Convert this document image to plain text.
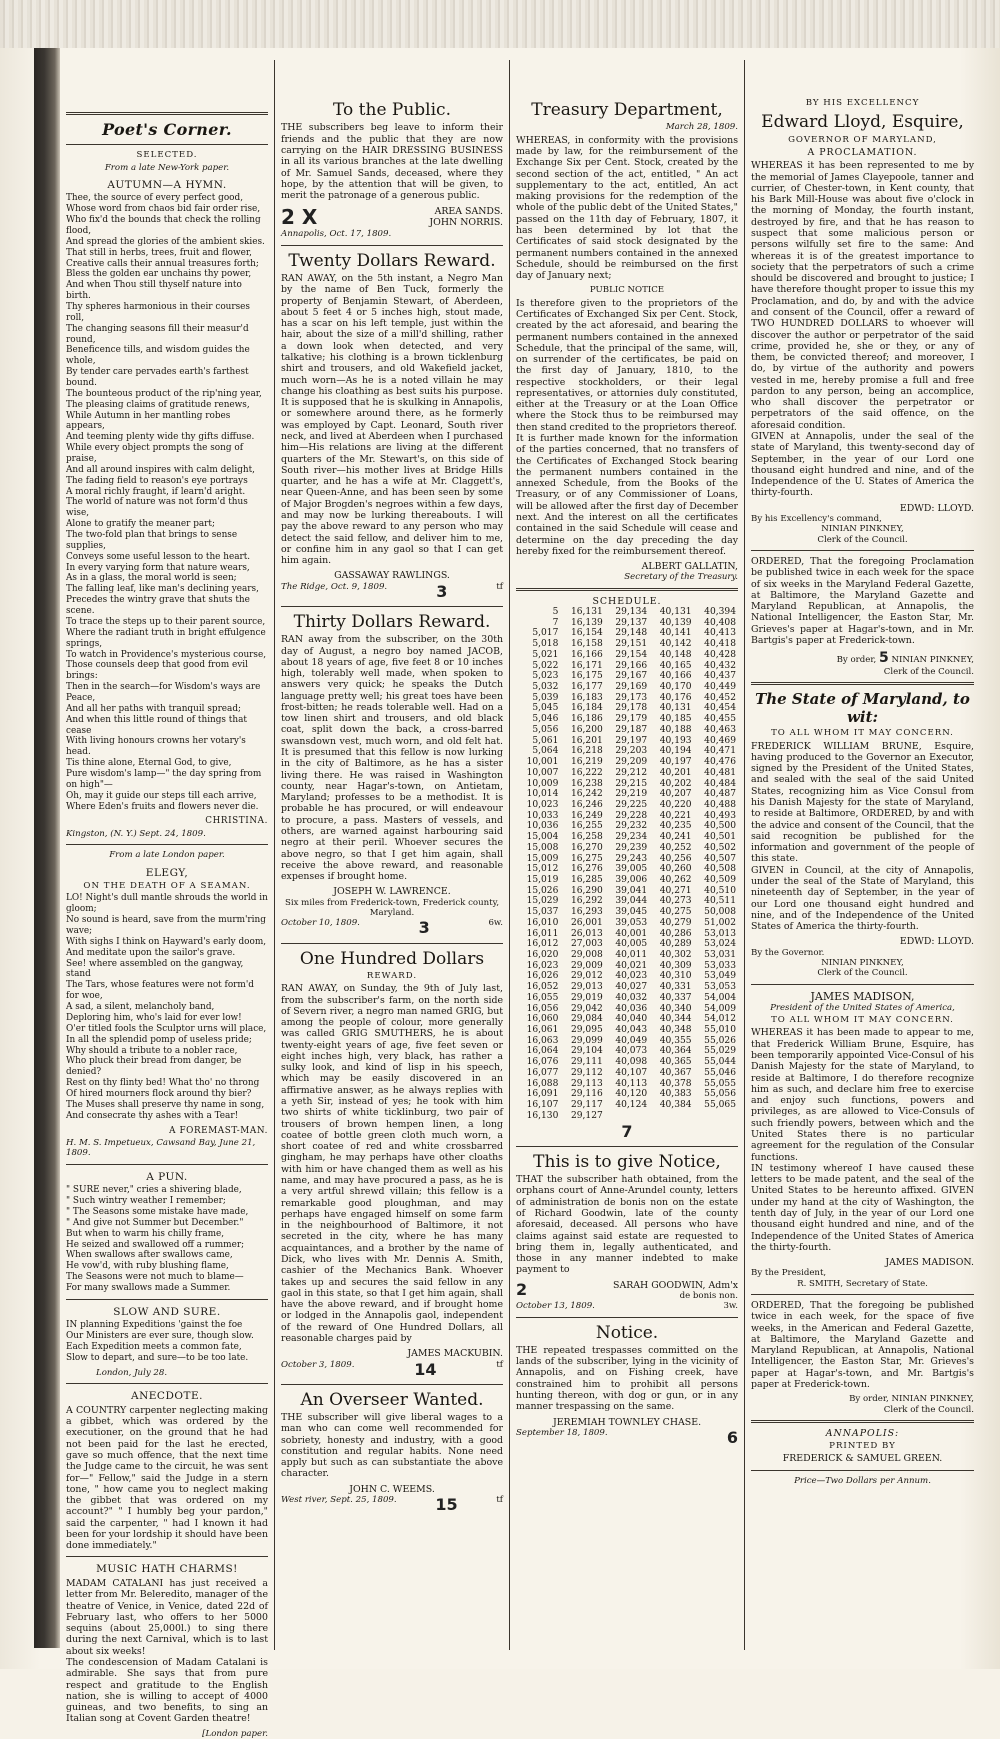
Poet's Corner.
SELECTED.
From a late New-York paper.
AUTUMN—A HYMN.
Thee, the source of every perfect good,
Whose word from chaos bid fair order rise,
Who fix'd the bounds that check the rolling flood,
And spread the glories of the ambient skies.
That still in herbs, trees, fruit and flower,
Creative calls their annual treasures forth;
Bless the golden ear unchains thy power,
And when Thou still thyself nature into birth.
Thy spheres harmonious in their courses roll,
The changing seasons fill their measur'd round,
Beneficence tills, and wisdom guides the whole,
By tender care pervades earth's farthest bound.
The bounteous product of the rip'ning year,
The pleasing claims of gratitude renews,
While Autumn in her mantling robes appears,
And teeming plenty wide thy gifts diffuse.
While every object prompts the song of praise,
And all around inspires with calm delight,
The fading field to reason's eye portrays
A moral richly fraught, if learn'd aright.
The world of nature was not form'd thus wise,
Alone to gratify the meaner part;
The two-fold plan that brings to sense supplies,
Conveys some useful lesson to the heart.
In every varying form that nature wears,
As in a glass, the moral world is seen;
The falling leaf, like man's declining years,
Precedes the wintry grave that shuts the scene.
To trace the steps up to their parent source,
Where the radiant truth in bright effulgence springs,
To watch in Providence's mysterious course,
Those counsels deep that good from evil brings:
Then in the search—for Wisdom's ways are Peace,
And all her paths with tranquil spread;
And when this little round of things that cease
With living honours crowns her votary's head.
Tis thine alone, Eternal God, to give,
Pure wisdom's lamp—" the day spring from on high"—
Oh, may it guide our steps till each arrive,
Where Eden's fruits and flowers never die.
CHRISTINA.
Kingston, (N. Y.) Sept. 24, 1809.
From a late London paper.
ELEGY,
ON THE DEATH OF A SEAMAN.
LO! Night's dull mantle shrouds the world in gloom;
No sound is heard, save from the murm'ring wave;
With sighs I think on Hayward's early doom,
And meditate upon the sailor's grave.
See! where assembled on the gangway, stand
The Tars, whose features were not form'd for woe,
A sad, a silent, melancholy band,
Deploring him, who's laid for ever low!
O'er titled fools the Sculptor urns will place,
In all the splendid pomp of useless pride;
Why should a tribute to a nobler race,
Who pluck their bread from danger, be denied?
Rest on thy flinty bed! What tho' no throng
Of hired mourners flock around thy bier?
The Muses shall preserve thy name in song,
And consecrate thy ashes with a Tear!
A FOREMAST-MAN.
H. M. S. Impetueux, Cawsand Bay, June 21, 1809.
A PUN.
" SURE never," cries a shivering blade,
" Such wintry weather I remember;
" The Seasons some mistake have made,
" And give not Summer but December."
But when to warm his chilly frame,
He seized and swallowed off a rummer;
When swallows after swallows came,
He vow'd, with ruby blushing flame,
The Seasons were not much to blame—
For many swallows made a Summer.
SLOW AND SURE.
IN planning Expeditions 'gainst the foe
Our Ministers are ever sure, though slow.
Each Expedition meets a common fate,
Slow to depart, and sure—to be too late.
London, July 28.
ANECDOTE.
A COUNTRY carpenter neglecting making a gibbet, which was ordered by the executioner, on the ground that he had not been paid for the last he erected, gave so much offence, that the next time the Judge came to the circuit, he was sent for—" Fellow," said the Judge in a stern tone, " how came you to neglect making the gibbet that was ordered on my account?" " I humbly beg your pardon," said the carpenter, " had I known it had been for your lordship it should have been done immediately."
MUSIC HATH CHARMS!
MADAM CATALANI has just received a letter from Mr. Beleredito, manager of the theatre of Venice, in Venice, dated 22d of February last, who offers to her 5000 sequins (about 25,000l.) to sing there during the next Carnival, which is to last about six weeks!
The condescension of Madam Catalani is admirable. She says that from pure respect and gratitude to the English nation, she is willing to accept of 4000 guineas, and two benefits, to sing an Italian song at Covent Garden theatre!
[London paper.
To the Public.
THE subscribers beg leave to inform their friends and the public that they are now carrying on the HAIR DRESSING BUSINESS in all its various branches at the late dwelling of Mr. Samuel Sands, deceased, where they hope, by the attention that will be given, to merit the patronage of a generous public.
2 X	AREA SANDS.
JOHN NORRIS.
Annapolis, Oct. 17, 1809.
Twenty Dollars Reward.
RAN AWAY, on the 5th instant, a Negro Man by the name of Ben Tuck, formerly the property of Benjamin Stewart, of Aberdeen, about 5 feet 4 or 5 inches high, stout made, has a scar on his left temple, just within the hair, about the size of a mill'd shilling, rather a down look when detected, and very talkative; his clothing is a brown ticklenburg shirt and trousers, and old Wakefield jacket, much worn—As he is a noted villain he may change his cloathing as best suits his purpose. It is supposed that he is skulking in Annapolis, or somewhere around there, as he formerly was employed by Capt. Leonard, South river neck, and lived at Aberdeen when I purchased him—His relations are living at the different quarters of the Mr. Stewart's, on this side of South river—his mother lives at Bridge Hills quarter, and he has a wife at Mr. Claggett's, near Queen-Anne, and has been seen by some of Major Brogden's negroes within a few days, and may now be lurking thereabouts. I will pay the above reward to any person who may detect the said fellow, and deliver him to me, or confine him in any gaol so that I can get him again.
GASSAWAY RAWLINGS.
The Ridge, Oct. 9, 1809.	3	tf
Thirty Dollars Reward.
RAN away from the subscriber, on the 30th day of August, a negro boy named JACOB, about 18 years of age, five feet 8 or 10 inches high, tolerably well made, when spoken to answers very quick; he speaks the Dutch language pretty well; his great toes have been frost-bitten; he reads tolerable well. Had on a tow linen shirt and trousers, and old black coat, split down the back, a cross-barred swansdown vest, much worn, and old felt hat. It is presumed that this fellow is now lurking in the city of Baltimore, as he has a sister living there. He was raised in Washington county, near Hagar's-town, on Antietam, Maryland; professes to be a methodist. It is probable he has procured, or will endeavour to procure, a pass. Masters of vessels, and others, are warned against harbouring said negro at their peril. Whoever secures the above negro, so that I get him again, shall receive the above reward, and reasonable expenses if brought home.
JOSEPH W. LAWRENCE.
Six miles from Frederick-town, Frederick county, Maryland.
October 10, 1809.	3	6w.
One Hundred Dollars
REWARD.
RAN AWAY, on Sunday, the 9th of July last, from the subscriber's farm, on the north side of Severn river, a negro man named GRIG, but among the people of colour, more generally was called GRIG SMUTHERS, he is about twenty-eight years of age, five feet seven or eight inches high, very black, has rather a sulky look, and kind of lisp in his speech, which may be easily discovered in an affirmative answer, as he always replies with a yeth Sir, instead of yes; he took with him two shirts of white ticklinburg, two pair of trousers of brown hempen linen, a long coatee of bottle green cloth much worn, a short coatee of red and white crossbarred gingham, he may perhaps have other cloaths with him or have changed them as well as his name, and may have procured a pass, as he is a very artful shrewd villain; this fellow is a remarkable good ploughman, and may perhaps have engaged himself on some farm in the neighbourhood of Baltimore, it not secreted in the city, where he has many acquaintances, and a brother by the name of Dick, who lives with Mr. Dennis A. Smith, cashier of the Mechanics Bank. Whoever takes up and secures the said fellow in any gaol in this state, so that I get him again, shall have the above reward, and if brought home or lodged in the Annapolis gaol, independent of the reward of One Hundred Dollars, all reasonable charges paid by
JAMES MACKUBIN.
October 3, 1809.	14	tf
An Overseer Wanted.
THE subscriber will give liberal wages to a man who can come well recommended for sobriety, honesty and industry, with a good constitution and regular habits. None need apply but such as can substantiate the above character.
JOHN C. WEEMS.
West river, Sept. 25, 1809. 15	tf
Treasury Department,
March 28, 1809.
WHEREAS, in conformity with the provisions made by law, for the reimbursement of the Exchange Six per Cent. Stock, created by the second section of the act, entitled, " An act supplementary to the act, entitled, An act making provisions for the redemption of the whole of the public debt of the United States," passed on the 11th day of February, 1807, it has been determined by lot that the Certificates of said stock designated by the permanent numbers contained in the annexed Schedule, should be reimbursed on the first day of January next;
PUBLIC NOTICE
Is therefore given to the proprietors of the Certificates of Exchanged Six per Cent. Stock, created by the act aforesaid, and bearing the permanent numbers contained in the annexed Schedule, that the principal of the same, will, on surrender of the certificates, be paid on the first day of January, 1810, to the respective stockholders, or their legal representatives, or attornies duly constituted, either at the Treasury or at the Loan Office where the Stock thus to be reimbursed may then stand credited to the proprietors thereof.
It is further made known for the information of the parties concerned, that no transfers of the Certificates of Exchanged Stock bearing the permanent numbers contained in the annexed Schedule, from the Books of the Treasury, or of any Commissioner of Loans, will be allowed after the first day of December next. And the interest on all the certificates contained in the said Schedule will cease and determine on the day preceding the day hereby fixed for the reimbursement thereof.
ALBERT GALLATIN,
Secretary of the Treasury.
SCHEDULE.
5	16,131	29,134	40,131	40,394
7	16,139	29,137	40,139	40,408
5,017	16,154	29,148	40,141	40,413
5,018	16,158	29,151	40,142	40,418
5,021	16,166	29,154	40,148	40,428
5,022	16,171	29,166	40,165	40,432
5,023	16,175	29,167	40,166	40,437
5,032	16,177	29,169	40,170	40,449
5,039	16,183	29,173	40,176	40,452
5,045	16,184	29,178	40,131	40,454
5,046	16,186	29,179	40,185	40,455
5,056	16,200	29,187	40,188	40,463
5,061	16,201	29,197	40,193	40,469
5,064	16,218	29,203	40,194	40,471
10,001	16,219	29,209	40,197	40,476
10,007	16,222	29,212	40,201	40,481
10,009	16,238	29,215	40,202	40,484
10,014	16,242	29,219	40,207	40,487
10,023	16,246	29,225	40,220	40,488
10,033	16,249	29,228	40,221	40,493
10,036	16,255	29,232	40,235	40,500
15,004	16,258	29,234	40,241	40,501
15,008	16,270	29,239	40,252	40,502
15,009	16,275	29,243	40,256	40,507
15,012	16,276	39,005	40,260	40,508
15,019	16,285	39,006	40,262	40,509
15,026	16,290	39,041	40,271	40,510
15,029	16,292	39,044	40,273	40,511
15,037	16,293	39,045	40,275	50,008
16,010	26,001	39,053	40,279	51,002
16,011	26,013	40,001	40,286	53,013
16,012	27,003	40,005	40,289	53,024
16,020	29,008	40,011	40,302	53,031
16,023	29,009	40,021	40,309	53,033
16,026	29,012	40,023	40,310	53,049
16,052	29,013	40,027	40,331	53,053
16,055	29,019	40,032	40,337	54,004
16,056	29,042	40,036	40,340	54,009
16,060	29,084	40,040	40,344	54,012
16,061	29,095	40,043	40,348	55,010
16,063	29,099	40,049	40,355	55,026
16,064	29,104	40,073	40,364	55,029
16,076	29,111	40,098	40,365	55,044
16,077	29,112	40,107	40,367	55,046
16,088	29,113	40,113	40,378	55,055
16,091	29,116	40,120	40,383	55,056
16,107	29,117	40,124	40,384	55,065
16,130	29,127			
7
This is to give Notice,
THAT the subscriber hath obtained, from the orphans court of Anne-Arundel county, letters of administration de bonis non on the estate of Richard Goodwin, late of the county aforesaid, deceased. All persons who have claims against said estate are requested to bring them in, legally authenticated, and those in any manner indebted to make payment to
2	SARAH GOODWIN, Adm'x
de bonis non.
October 13, 1809.	3w.
Notice.
THE repeated trespasses committed on the lands of the subscriber, lying in the vicinity of Annapolis, and on Fishing creek, have constrained him to prohibit all persons hunting thereon, with dog or gun, or in any manner trespassing on the same.
JEREMIAH TOWNLEY CHASE.
September 18, 1809.	6
BY HIS EXCELLENCY
Edward Lloyd, Esquire,
GOVERNOR OF MARYLAND,
A PROCLAMATION.
WHEREAS it has been represented to me by the memorial of James Clayepoole, tanner and currier, of Chester-town, in Kent county, that his Bark Mill-House was about five o'clock in the morning of Monday, the fourth instant, destroyed by fire, and that he has reason to suspect that some malicious person or persons wilfully set fire to the same: And whereas it is of the greatest importance to society that the perpetrators of such a crime should be discovered and brought to justice; I have therefore thought proper to issue this my Proclamation, and do, by and with the advice and consent of the Council, offer a reward of TWO HUNDRED DOLLARS to whoever will discover the author or perpetrator of the said crime, provided he, she or they, or any of them, be convicted thereof; and moreover, I do, by virtue of the authority and powers vested in me, hereby promise a full and free pardon to any person, being an accomplice, who shall discover the perpetrator or perpetrators of the said offence, on the aforesaid condition.
GIVEN at Annapolis, under the seal of the state of Maryland, this twenty-second day of September, in the year of our Lord one thousand eight hundred and nine, and of the Independence of the U. States of America the thirty-fourth.
EDWD: LLOYD.
By his Excellency's command,
NINIAN PINKNEY,
Clerk of the Council.
ORDERED, That the foregoing Proclamation be published twice in each week for the space of six weeks in the Maryland Federal Gazette, at Baltimore, the Maryland Gazette and Maryland Republican, at Annapolis, the National Intelligencer, the Easton Star, Mr. Grieves's paper at Hagar's-town, and in Mr. Bartgis's paper at Frederick-town.
By order, 5 NINIAN PINKNEY,
Clerk of the Council.
The State of Maryland, to wit:
TO ALL WHOM IT MAY CONCERN.
FREDERICK WILLIAM BRUNE, Esquire, having produced to the Governor an Executor, signed by the President of the United States, and sealed with the seal of the said United States, recognizing him as Vice Consul from his Danish Majesty for the state of Maryland, to reside at Baltimore, ORDERED, by and with the advice and consent of the Council, that the said recognition be published for the information and government of the people of this state.
GIVEN in Council, at the city of Annapolis, under the seal of the State of Maryland, this nineteenth day of September, in the year of our Lord one thousand eight hundred and nine, and of the Independence of the United States of America the thirty-fourth.
EDWD: LLOYD.
By the Governor.
NINIAN PINKNEY,
Clerk of the Council.
JAMES MADISON,
President of the United States of America,
TO ALL WHOM IT MAY CONCERN.
WHEREAS it has been made to appear to me, that Frederick William Brune, Esquire, has been temporarily appointed Vice-Consul of his Danish Majesty for the state of Maryland, to reside at Baltimore, I do therefore recognize him as such, and declare him free to exercise and enjoy such functions, powers and privileges, as are allowed to Vice-Consuls of such friendly powers, between which and the United States there is no particular agreement for the regulation of the Consular functions.
IN testimony whereof I have caused these letters to be made patent, and the seal of the United States to be hereunto affixed. GIVEN under my hand at the city of Washington, the tenth day of July, in the year of our Lord one thousand eight hundred and nine, and of the Independence of the United States of America the thirty-fourth.
JAMES MADISON.
By the President,
R. SMITH, Secretary of State.
ORDERED, That the foregoing be published twice in each week, for the space of five weeks, in the American and Federal Gazette, at Baltimore, the Maryland Gazette and Maryland Republican, at Annapolis, National Intelligencer, the Easton Star, Mr. Grieves's paper at Hagar's-town, and Mr. Bartgis's paper at Frederick-town.
By order, NINIAN PINKNEY,
Clerk of the Council.
ANNAPOLIS:
PRINTED BY
FREDERICK & SAMUEL GREEN.
Price—Two Dollars per Annum.
